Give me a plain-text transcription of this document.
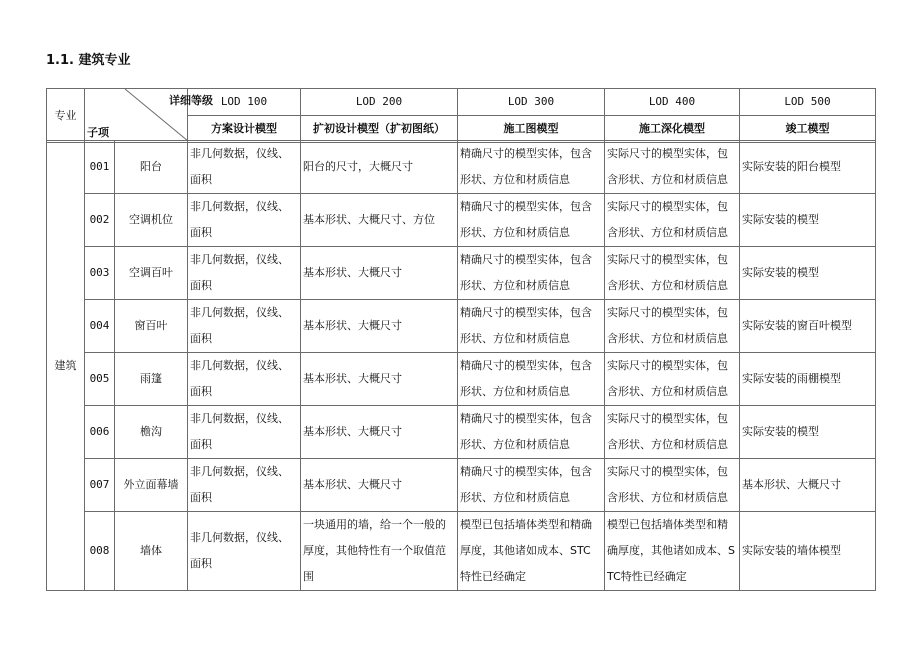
1.1. 建筑专业
专业	详细等级
子项	LOD 100	LOD 200	LOD 300	LOD 400	LOD 500
		方案设计模型	扩初设计模型（扩初图纸）	施工图模型	施工深化模型	竣工模型
建筑	001	阳台	非几何数据，仪线、面积	阳台的尺寸，大概尺寸	精确尺寸的模型实体，包含形状、方位和材质信息	实际尺寸的模型实体，包含形状、方位和材质信息	实际安装的阳台模型
	002	空调机位	非几何数据，仪线、面积	基本形状、大概尺寸、方位	精确尺寸的模型实体，包含形状、方位和材质信息	实际尺寸的模型实体，包含形状、方位和材质信息	实际安装的模型
	003	空调百叶	非几何数据，仪线、面积	基本形状、大概尺寸	精确尺寸的模型实体，包含形状、方位和材质信息	实际尺寸的模型实体，包含形状、方位和材质信息	实际安装的模型
	004	窗百叶	非几何数据，仪线、面积	基本形状、大概尺寸	精确尺寸的模型实体，包含形状、方位和材质信息	实际尺寸的模型实体，包含形状、方位和材质信息	实际安装的窗百叶模型
	005	雨篷	非几何数据，仪线、面积	基本形状、大概尺寸	精确尺寸的模型实体，包含形状、方位和材质信息	实际尺寸的模型实体，包含形状、方位和材质信息	实际安装的雨棚模型
	006	檐沟	非几何数据，仪线、面积	基本形状、大概尺寸	精确尺寸的模型实体，包含形状、方位和材质信息	实际尺寸的模型实体，包含形状、方位和材质信息	实际安装的模型
	007	外立面幕墙	非几何数据，仪线、面积	基本形状、大概尺寸	精确尺寸的模型实体，包含形状、方位和材质信息	实际尺寸的模型实体，包含形状、方位和材质信息	基本形状、大概尺寸
	008	墙体	非几何数据，仪线、面积	一块通用的墙，给一个一般的厚度，其他特性有一个取值范围	模型已包括墙体类型和精确厚度，其他诸如成本、STC 特性已经确定	模型已包括墙体类型和精确厚度，其他诸如成本、STC特性已经确定	实际安装的墙体模型
